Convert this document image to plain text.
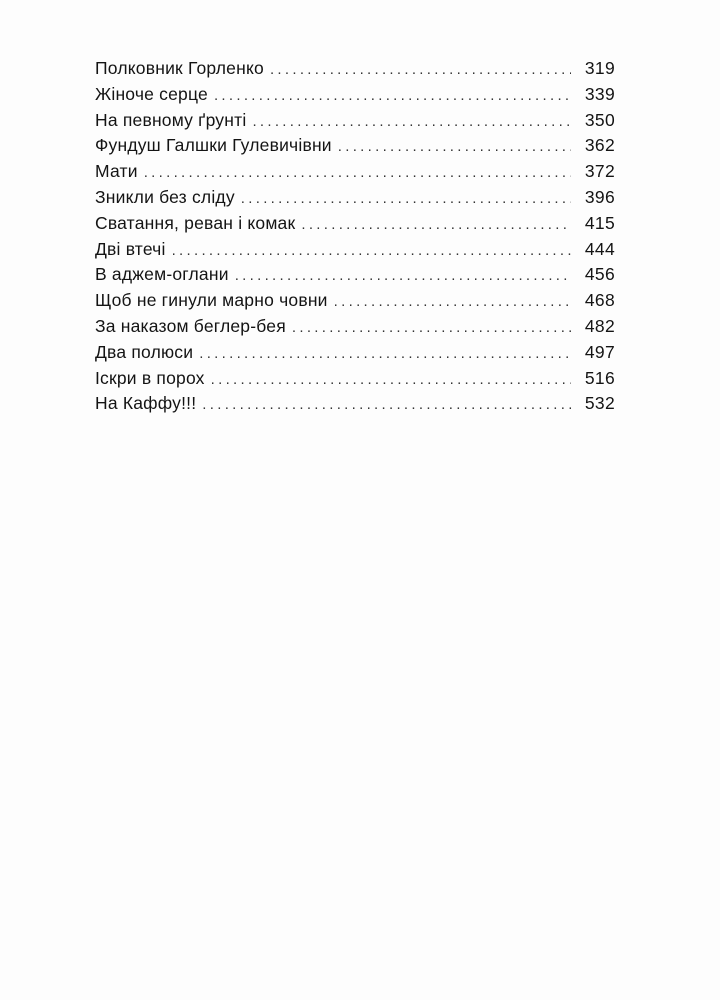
Полковник Горленко .....	319
Жіноче серце .....	339
На певному ґрунті .....	350
Фундуш Галшки Гулевичівни .....	362
Мати .....	372
Зникли без сліду .....	396
Сватання, реван і комак .....	415
Дві втечі .....	444
В аджем-оглани .....	456
Щоб не гинули марно човни .....	468
За наказом беглер-бея .....	482
Два полюси .....	497
Іскри в порох .....	516
На Каффу!!! .....	532
